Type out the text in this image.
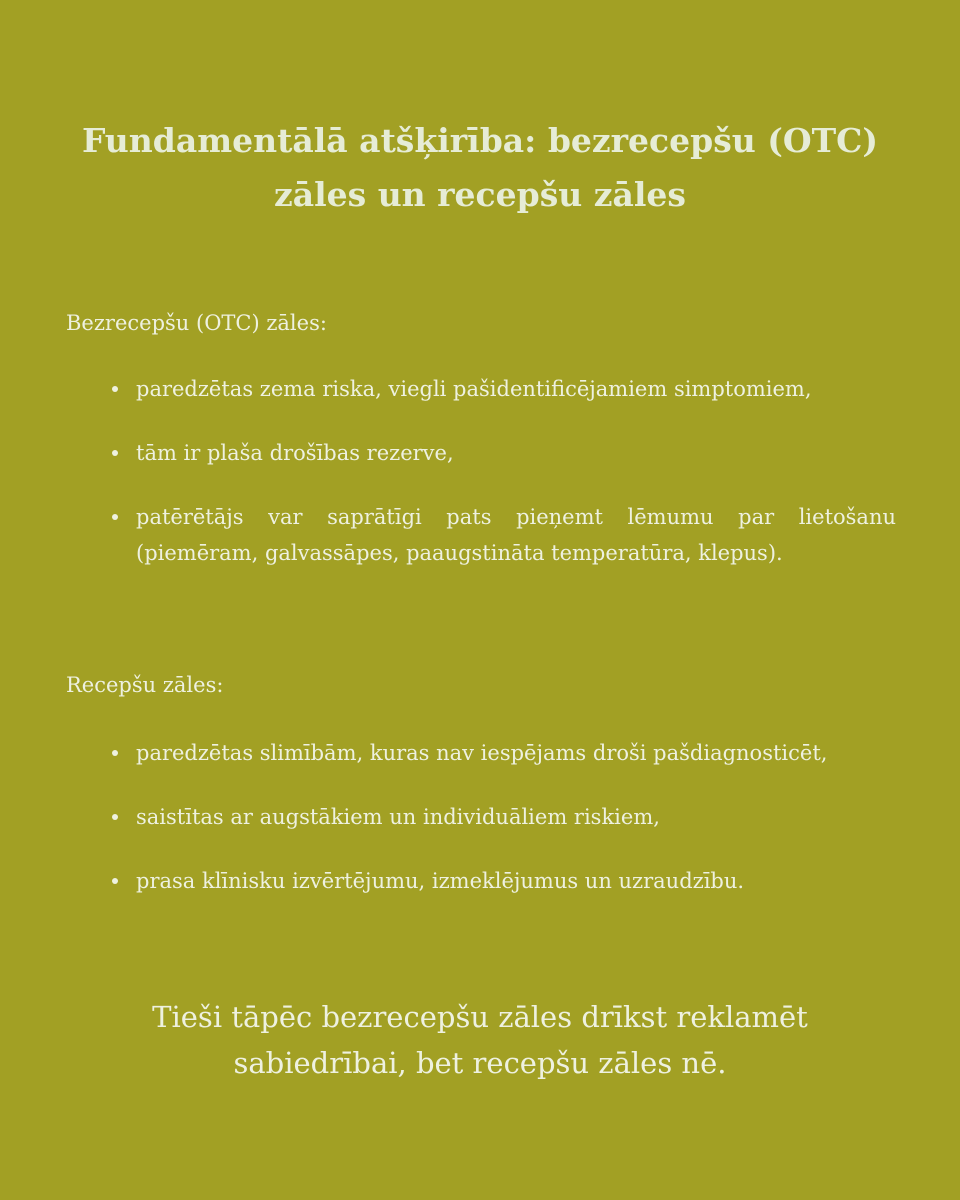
Fundamentālā atšķirība: bezrecepšu (OTC) zāles un recepšu zāles
Bezrecepšu (OTC) zāles:
paredzētas zema riska, viegli pašidentificējamiem simptomiem,
tām ir plaša drošības rezerve,
patērētājs var saprātīgi pats pieņemt lēmumu par lietošanu (piemēram, galvassāpes, paaugstināta temperatūra, klepus).
Recepšu zāles:
paredzētas slimībām, kuras nav iespējams droši pašdiagnosticēt,
saistītas ar augstākiem un individuāliem riskiem,
prasa klīnisku izvērtējumu, izmeklējumus un uzraudzību.

Tieši tāpēc bezrecepšu zāles drīkst reklamēt sabiedrībai, bet recepšu zāles nē.
